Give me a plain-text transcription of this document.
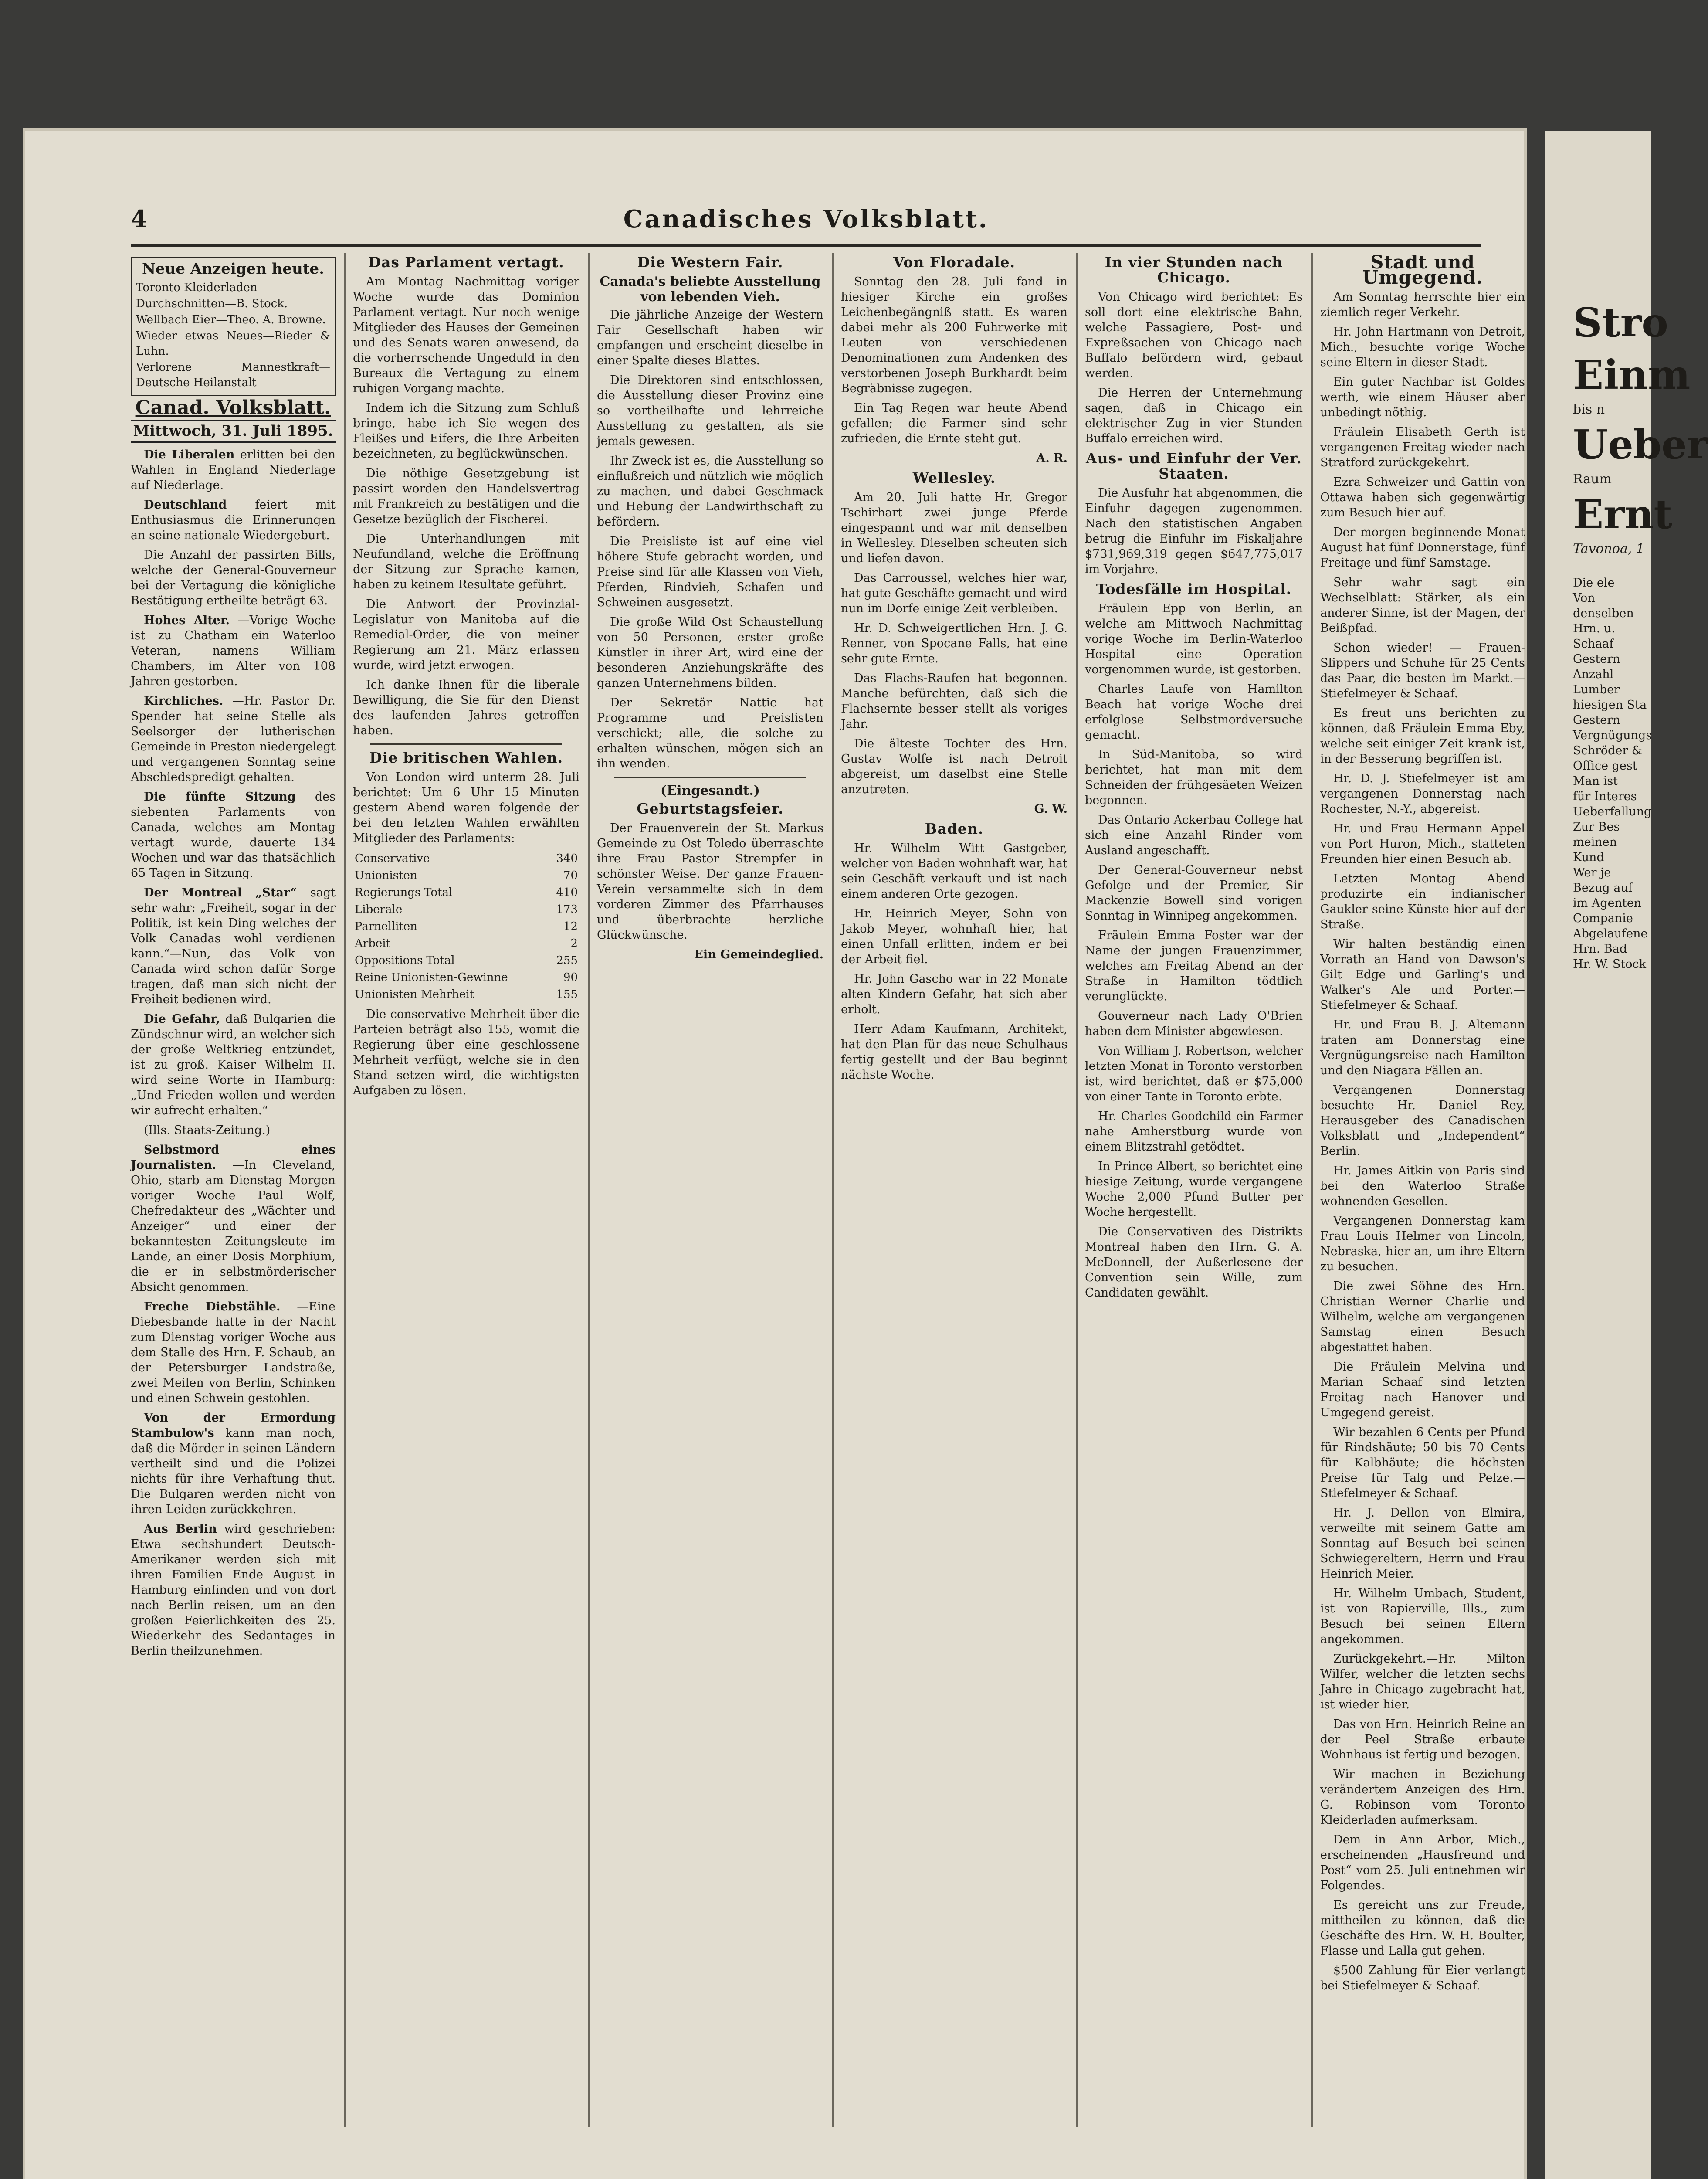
4	Canadisches Volksblatt.
Neue Anzeigen heute.
Toronto Kleiderladen—
Durchschnitten—B. Stock.
Wellbach Eier—Theo. A. Browne.
Wieder etwas Neues—Rieder & Luhn.
Verlorene Mannestkraft—Deutsche Heilanstalt
Canad. Volksblatt.
Mittwoch, 31. Juli 1895.

Die Liberalen erlitten bei den Wahlen in England Niederlage auf Niederlage.

Deutschland feiert mit Enthusiasmus die Erinnerungen an seine nationale Wiedergeburt.

Die Anzahl der passirten Bills, welche der General-Gouverneur bei der Vertagung die königliche Bestätigung ertheilte beträgt 63.

Hohes Alter. —Vorige Woche ist zu Chatham ein Waterloo Veteran, namens William Chambers, im Alter von 108 Jahren gestorben.

Kirchliches. —Hr. Pastor Dr. Spender hat seine Stelle als Seelsorger der lutherischen Gemeinde in Preston niedergelegt und vergangenen Sonntag seine Abschiedspredigt gehalten.

Die fünfte Sitzung des siebenten Parlaments von Canada, welches am Montag vertagt wurde, dauerte 134 Wochen und war das thatsächlich 65 Tagen in Sitzung.

Der Montreal „Star“ sagt sehr wahr: „Freiheit, sogar in der Politik, ist kein Ding welches der Volk Canadas wohl verdienen kann.“—Nun, das Volk von Canada wird schon dafür Sorge tragen, daß man sich nicht der Freiheit bedienen wird.

Die Gefahr, daß Bulgarien die Zündschnur wird, an welcher sich der große Weltkrieg entzündet, ist zu groß. Kaiser Wilhelm II. wird seine Worte in Hamburg: „Und Frieden wollen und werden wir aufrecht erhalten.“

(Ills. Staats-Zeitung.)

Selbstmord eines Journalisten. —In Cleveland, Ohio, starb am Dienstag Morgen voriger Woche Paul Wolf, Chefredakteur des „Wächter und Anzeiger“ und einer der bekanntesten Zeitungsleute im Lande, an einer Dosis Morphium, die er in selbstmörderischer Absicht genommen.

Freche Diebstähle. —Eine Diebesbande hatte in der Nacht zum Dienstag voriger Woche aus dem Stalle des Hrn. F. Schaub, an der Petersburger Landstraße, zwei Meilen von Berlin, Schinken und einen Schwein gestohlen.

Von der Ermordung Stambulow's kann man noch, daß die Mörder in seinen Ländern vertheilt sind und die Polizei nichts für ihre Verhaftung thut. Die Bulgaren werden nicht von ihren Leiden zurückkehren.

Aus Berlin wird geschrieben: Etwa sechshundert Deutsch-Amerikaner werden sich mit ihren Familien Ende August in Hamburg einfinden und von dort nach Berlin reisen, um an den großen Feierlichkeiten des 25. Wiederkehr des Sedantages in Berlin theilzunehmen.

Das Parlament vertagt.

Am Montag Nachmittag voriger Woche wurde das Dominion Parlament vertagt. Nur noch wenige Mitglieder des Hauses der Gemeinen und des Senats waren anwesend, da die vorherrschende Ungeduld in den Bureaux die Vertagung zu einem ruhigen Vorgang machte.

Indem ich die Sitzung zum Schluß bringe, habe ich Sie wegen des Fleißes und Eifers, die Ihre Arbeiten bezeichneten, zu beglückwünschen.

Die nöthige Gesetzgebung ist passirt worden den Handelsvertrag mit Frankreich zu bestätigen und die Gesetze bezüglich der Fischerei.

Die Unterhandlungen mit Neufundland, welche die Eröffnung der Sitzung zur Sprache kamen, haben zu keinem Resultate geführt.

Die Antwort der Provinzial-Legislatur von Manitoba auf die Remedial-Order, die von meiner Regierung am 21. März erlassen wurde, wird jetzt erwogen.

Ich danke Ihnen für die liberale Bewilligung, die Sie für den Dienst des laufenden Jahres getroffen haben.

Die britischen Wahlen.

Von London wird unterm 28. Juli berichtet: Um 6 Uhr 15 Minuten gestern Abend waren folgende der bei den letzten Wahlen erwählten Mitglieder des Parlaments:

Conservative	340
Unionisten	70
Regierungs-Total	410
Liberale	173
Parnelliten	12
Arbeit	2
Oppositions-Total	255
Reine Unionisten-Gewinne	90
Unionisten Mehrheit	155

Die conservative Mehrheit über die Parteien beträgt also 155, womit die Regierung über eine geschlossene Mehrheit verfügt, welche sie in den Stand setzen wird, die wichtigsten Aufgaben zu lösen.

Die Western Fair.
Canada's beliebte Ausstellung von lebenden Vieh.

Die jährliche Anzeige der Western Fair Gesellschaft haben wir empfangen und erscheint dieselbe in einer Spalte dieses Blattes.

Die Direktoren sind entschlossen, die Ausstellung dieser Provinz eine so vortheilhafte und lehrreiche Ausstellung zu gestalten, als sie jemals gewesen.

Ihr Zweck ist es, die Ausstellung so einflußreich und nützlich wie möglich zu machen, und dabei Geschmack und Hebung der Landwirthschaft zu befördern.

Die Preisliste ist auf eine viel höhere Stufe gebracht worden, und Preise sind für alle Klassen von Vieh, Pferden, Rindvieh, Schafen und Schweinen ausgesetzt.

Die große Wild Ost Schaustellung von 50 Personen, erster große Künstler in ihrer Art, wird eine der besonderen Anziehungskräfte des ganzen Unternehmens bilden.

Der Sekretär Nattic hat Programme und Preislisten verschickt; alle, die solche zu erhalten wünschen, mögen sich an ihn wenden.

(Eingesandt.)
Geburtstagsfeier.

Der Frauenverein der St. Markus Gemeinde zu Ost Toledo überraschte ihre Frau Pastor Strempfer in schönster Weise. Der ganze Frauen-Verein versammelte sich in dem vorderen Zimmer des Pfarrhauses und überbrachte herzliche Glückwünsche.

Ein Gemeindeglied.

Von Floradale.

Sonntag den 28. Juli fand in hiesiger Kirche ein großes Leichenbegängniß statt. Es waren dabei mehr als 200 Fuhrwerke mit Leuten von verschiedenen Denominationen zum Andenken des verstorbenen Joseph Burkhardt beim Begräbnisse zugegen.

Ein Tag Regen war heute Abend gefallen; die Farmer sind sehr zufrieden, die Ernte steht gut.

A. R.

Wellesley.

Am 20. Juli hatte Hr. Gregor Tschirhart zwei junge Pferde eingespannt und war mit denselben in Wellesley. Dieselben scheuten sich und liefen davon.

Das Carroussel, welches hier war, hat gute Geschäfte gemacht und wird nun im Dorfe einige Zeit verbleiben.

Hr. D. Schweigertlichen Hrn. J. G. Renner, von Spocane Falls, hat eine sehr gute Ernte.

Das Flachs-Raufen hat begonnen. Manche befürchten, daß sich die Flachsernte besser stellt als voriges Jahr.

Die älteste Tochter des Hrn. Gustav Wolfe ist nach Detroit abgereist, um daselbst eine Stelle anzutreten.

G. W.

Baden.

Hr. Wilhelm Witt Gastgeber, welcher von Baden wohnhaft war, hat sein Geschäft verkauft und ist nach einem anderen Orte gezogen.

Hr. Heinrich Meyer, Sohn von Jakob Meyer, wohnhaft hier, hat einen Unfall erlitten, indem er bei der Arbeit fiel.

Hr. John Gascho war in 22 Monate alten Kindern Gefahr, hat sich aber erholt.

Herr Adam Kaufmann, Architekt, hat den Plan für das neue Schulhaus fertig gestellt und der Bau beginnt nächste Woche.

In vier Stunden nach Chicago.

Von Chicago wird berichtet: Es soll dort eine elektrische Bahn, welche Passagiere, Post- und Expreßsachen von Chicago nach Buffalo befördern wird, gebaut werden.

Die Herren der Unternehmung sagen, daß in Chicago ein elektrischer Zug in vier Stunden Buffalo erreichen wird.

Aus- und Einfuhr der Ver. Staaten.

Die Ausfuhr hat abgenommen, die Einfuhr dagegen zugenommen. Nach den statistischen Angaben betrug die Einfuhr im Fiskaljahre $731,969,319 gegen $647,775,017 im Vorjahre.

Todesfälle im Hospital.

Fräulein Epp von Berlin, an welche am Mittwoch Nachmittag vorige Woche im Berlin-Waterloo Hospital eine Operation vorgenommen wurde, ist gestorben.

Charles Laufe von Hamilton Beach hat vorige Woche drei erfolglose Selbstmordversuche gemacht.

In Süd-Manitoba, so wird berichtet, hat man mit dem Schneiden der frühgesäeten Weizen begonnen.

Das Ontario Ackerbau College hat sich eine Anzahl Rinder vom Ausland angeschafft.

Der General-Gouverneur nebst Gefolge und der Premier, Sir Mackenzie Bowell sind vorigen Sonntag in Winnipeg angekommen.

Fräulein Emma Foster war der Name der jungen Frauenzimmer, welches am Freitag Abend an der Straße in Hamilton tödtlich verunglückte.

Gouverneur nach Lady O'Brien haben dem Minister abgewiesen.

Von William J. Robertson, welcher letzten Monat in Toronto verstorben ist, wird berichtet, daß er $75,000 von einer Tante in Toronto erbte.

Hr. Charles Goodchild ein Farmer nahe Amherstburg wurde von einem Blitzstrahl getödtet.

In Prince Albert, so berichtet eine hiesige Zeitung, wurde vergangene Woche 2,000 Pfund Butter per Woche hergestellt.

Die Conservativen des Distrikts Montreal haben den Hrn. G. A. McDonnell, der Außerlesene der Convention sein Wille, zum Candidaten gewählt.

Stadt und Umgegend.

Am Sonntag herrschte hier ein ziemlich reger Verkehr.

Hr. John Hartmann von Detroit, Mich., besuchte vorige Woche seine Eltern in dieser Stadt.

Ein guter Nachbar ist Goldes werth, wie einem Häuser aber unbedingt nöthig.

Fräulein Elisabeth Gerth ist vergangenen Freitag wieder nach Stratford zurückgekehrt.

Ezra Schweizer und Gattin von Ottawa haben sich gegenwärtig zum Besuch hier auf.

Der morgen beginnende Monat August hat fünf Donnerstage, fünf Freitage und fünf Samstage.

Sehr wahr sagt ein Wechselblatt: Stärker, als ein anderer Sinne, ist der Magen, der Beißpfad.

Schon wieder! — Frauen-Slippers und Schuhe für 25 Cents das Paar, die besten im Markt.— Stiefelmeyer & Schaaf.

Es freut uns berichten zu können, daß Fräulein Emma Eby, welche seit einiger Zeit krank ist, in der Besserung begriffen ist.

Hr. D. J. Stiefelmeyer ist am vergangenen Donnerstag nach Rochester, N.-Y., abgereist.

Hr. und Frau Hermann Appel von Port Huron, Mich., statteten Freunden hier einen Besuch ab.

Letzten Montag Abend produzirte ein indianischer Gaukler seine Künste hier auf der Straße.

Wir halten beständig einen Vorrath an Hand von Dawson's Gilt Edge und Garling's und Walker's Ale und Porter.— Stiefelmeyer & Schaaf.

Hr. und Frau B. J. Altemann traten am Donnerstag eine Vergnügungsreise nach Hamilton und den Niagara Fällen an.

Vergangenen Donnerstag besuchte Hr. Daniel Rey, Herausgeber des Canadischen Volksblatt und „Independent“ Berlin.

Hr. James Aitkin von Paris sind bei den Waterloo Straße wohnenden Gesellen.

Vergangenen Donnerstag kam Frau Louis Helmer von Lincoln, Nebraska, hier an, um ihre Eltern zu besuchen.

Die zwei Söhne des Hrn. Christian Werner Charlie und Wilhelm, welche am vergangenen Samstag einen Besuch abgestattet haben.

Die Fräulein Melvina und Marian Schaaf sind letzten Freitag nach Hanover und Umgegend gereist.

Wir bezahlen 6 Cents per Pfund für Rindshäute; 50 bis 70 Cents für Kalbhäute; die höchsten Preise für Talg und Pelze.— Stiefelmeyer & Schaaf.

Hr. J. Dellon von Elmira, verweilte mit seinem Gatte am Sonntag auf Besuch bei seinen Schwiegereltern, Herrn und Frau Heinrich Meier.

Hr. Wilhelm Umbach, Student, ist von Rapierville, Ills., zum Besuch bei seinen Eltern angekommen.

Zurückgekehrt.—Hr. Milton Wilfer, welcher die letzten sechs Jahre in Chicago zugebracht hat, ist wieder hier.

Das von Hrn. Heinrich Reine an der Peel Straße erbaute Wohnhaus ist fertig und bezogen.

Wir machen in Beziehung verändertem Anzeigen des Hrn. G. Robinson vom Toronto Kleiderladen aufmerksam.

Dem in Ann Arbor, Mich., erscheinenden „Hausfreund und Post“ vom 25. Juli entnehmen wir Folgendes.

Es gereicht uns zur Freude, mittheilen zu können, daß die Geschäfte des Hrn. W. H. Boulter, Flasse und Lalla gut gehen.

$500 Zahlung für Eier verlangt bei Stiefelmeyer & Schaaf.

Stro
Einm
bis n
Ueber
Raum
Ernt
Tavonoa, 1
Die ele
Von denselben
Hrn. u. Schaaf
Gestern
Anzahl Lumber
hiesigen Sta
Gestern
Vergnügungs
Schröder &
Office gest
Man ist
für Interes
Ueberfallung
Zur Bes
meinen Kund
Wer je
Bezug auf
im Agenten
Companie
Abgelaufene
Hrn. Bad
Hr. W. Stock
